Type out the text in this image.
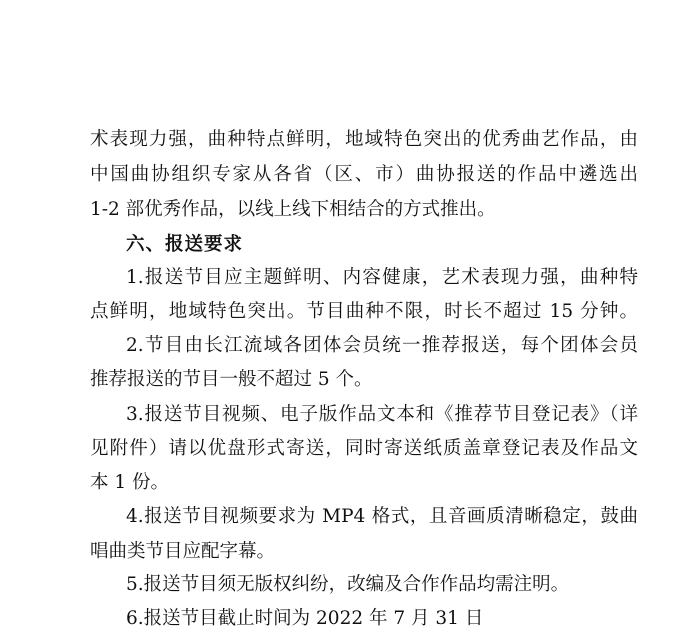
术表现力强，曲种特点鲜明，地域特色突出的优秀曲艺作品，由
中国曲协组织专家从各省（区、市）曲协报送的作品中遴选出
1-2 部优秀作品，以线上线下相结合的方式推出。
六、报送要求
1.报送节目应主题鲜明、内容健康，艺术表现力强，曲种特
点鲜明，地域特色突出。节目曲种不限，时长不超过 15 分钟。
2.节目由长江流域各团体会员统一推荐报送，每个团体会员
推荐报送的节目一般不超过 5 个。
3.报送节目视频、电子版作品文本和《推荐节目登记表》（详
见附件）请以优盘形式寄送，同时寄送纸质盖章登记表及作品文
本 1 份。
4.报送节目视频要求为 MP4 格式，且音画质清晰稳定，鼓曲
唱曲类节目应配字幕。
5.报送节目须无版权纠纷，改编及合作作品均需注明。
6.报送节目截止时间为 2022 年 7 月 31 日
